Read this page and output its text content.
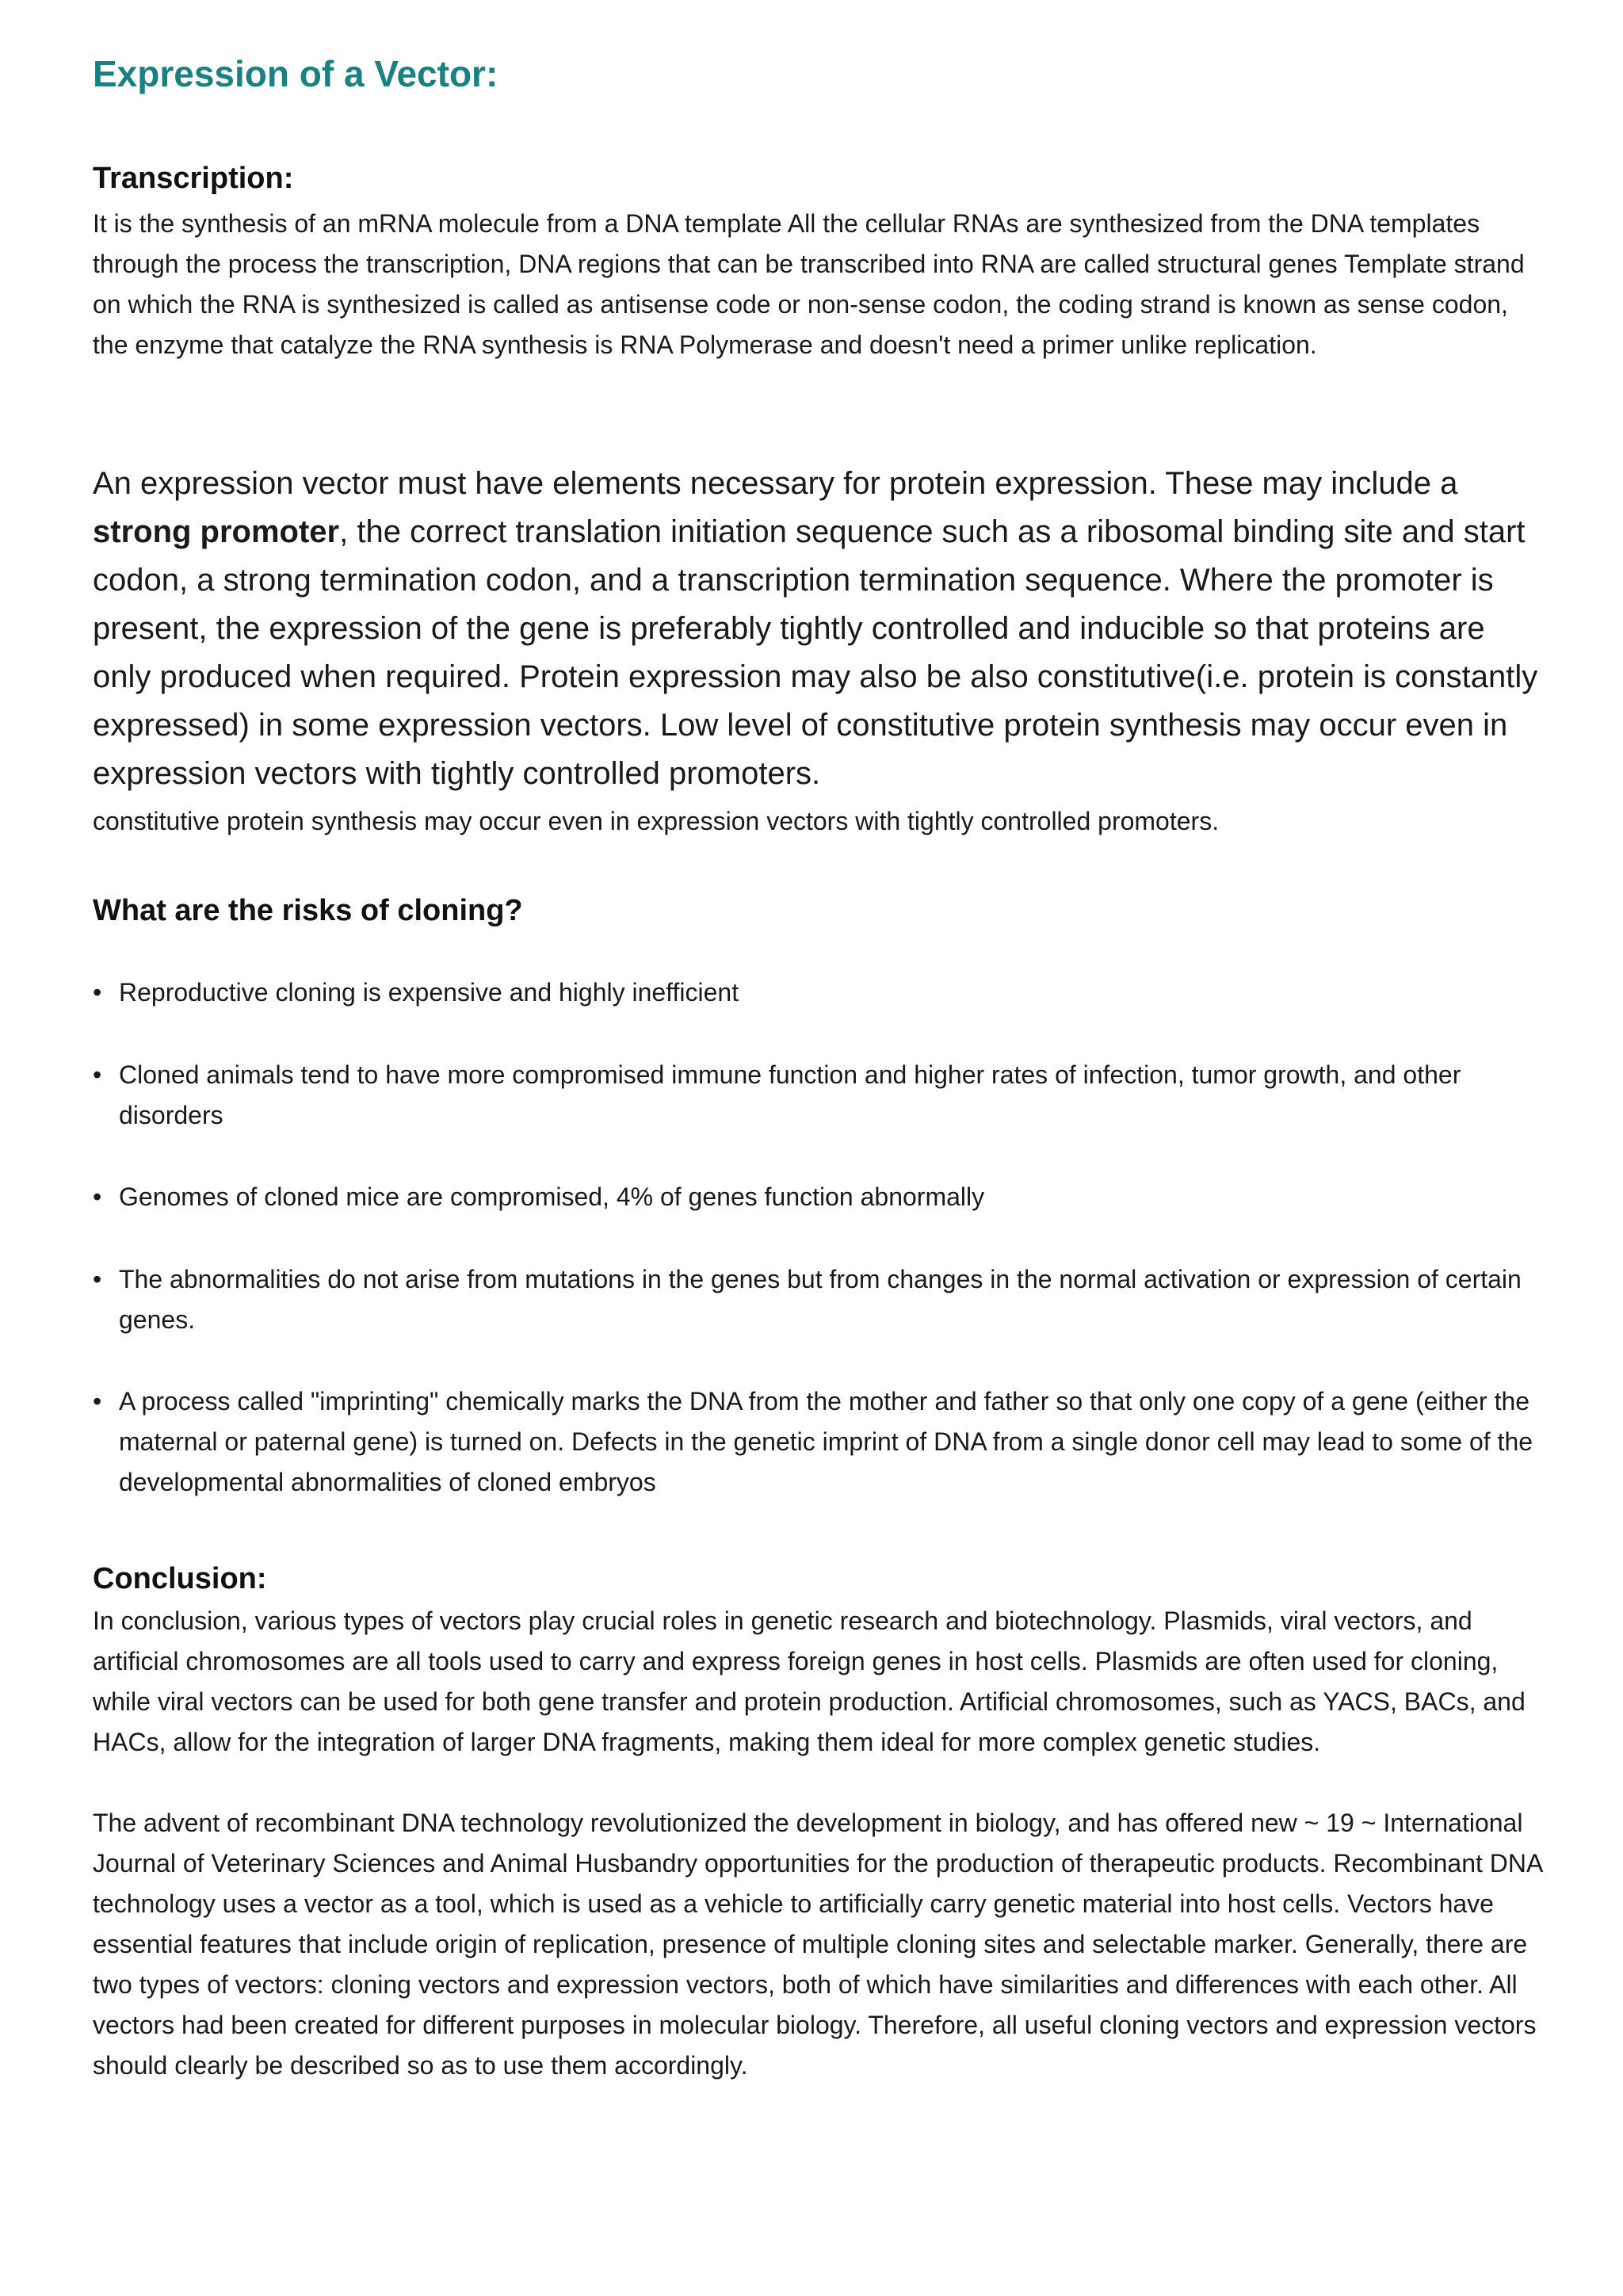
Expression of a Vector:
Transcription:

It is the synthesis of an mRNA molecule from a DNA template All the cellular RNAs are synthesized from the DNA templates through the process the transcription, DNA regions that can be transcribed into RNA are called structural genes Template strand on which the RNA is synthesized is called as antisense code or non-sense codon, the coding strand is known as sense codon, the enzyme that catalyze the RNA synthesis is RNA Polymerase and doesn't need a primer unlike replication.

An expression vector must have elements necessary for protein expression. These may include a strong promoter, the correct translation initiation sequence such as a ribosomal binding site and start codon, a strong termination codon, and a transcription termination sequence. Where the promoter is present, the expression of the gene is preferably tightly controlled and inducible so that proteins are only produced when required. Protein expression may also be also constitutive(i.e. protein is constantly expressed) in some expression vectors. Low level of constitutive protein synthesis may occur even in expression vectors with tightly controlled promoters.

constitutive protein synthesis may occur even in expression vectors with tightly controlled promoters.

What are the risks of cloning?
• Reproductive cloning is expensive and highly inefficient
• Cloned animals tend to have more compromised immune function and higher rates of infection, tumor growth, and other disorders
• Genomes of cloned mice are compromised, 4% of genes function abnormally
• The abnormalities do not arise from mutations in the genes but from changes in the normal activation or expression of certain genes.
• A process called "imprinting" chemically marks the DNA from the mother and father so that only one copy of a gene (either the maternal or paternal gene) is turned on. Defects in the genetic imprint of DNA from a single donor cell may lead to some of the developmental abnormalities of cloned embryos
Conclusion:

In conclusion, various types of vectors play crucial roles in genetic research and biotechnology. Plasmids, viral vectors, and artificial chromosomes are all tools used to carry and express foreign genes in host cells. Plasmids are often used for cloning, while viral vectors can be used for both gene transfer and protein production. Artificial chromosomes, such as YACS, BACs, and HACs, allow for the integration of larger DNA fragments, making them ideal for more complex genetic studies.

The advent of recombinant DNA technology revolutionized the development in biology, and has offered new ~ 19 ~ International Journal of Veterinary Sciences and Animal Husbandry opportunities for the production of therapeutic products. Recombinant DNA technology uses a vector as a tool, which is used as a vehicle to artificially carry genetic material into host cells. Vectors have essential features that include origin of replication, presence of multiple cloning sites and selectable marker. Generally, there are two types of vectors: cloning vectors and expression vectors, both of which have similarities and differences with each other. All vectors had been created for different purposes in molecular biology. Therefore, all useful cloning vectors and expression vectors should clearly be described so as to use them accordingly.
